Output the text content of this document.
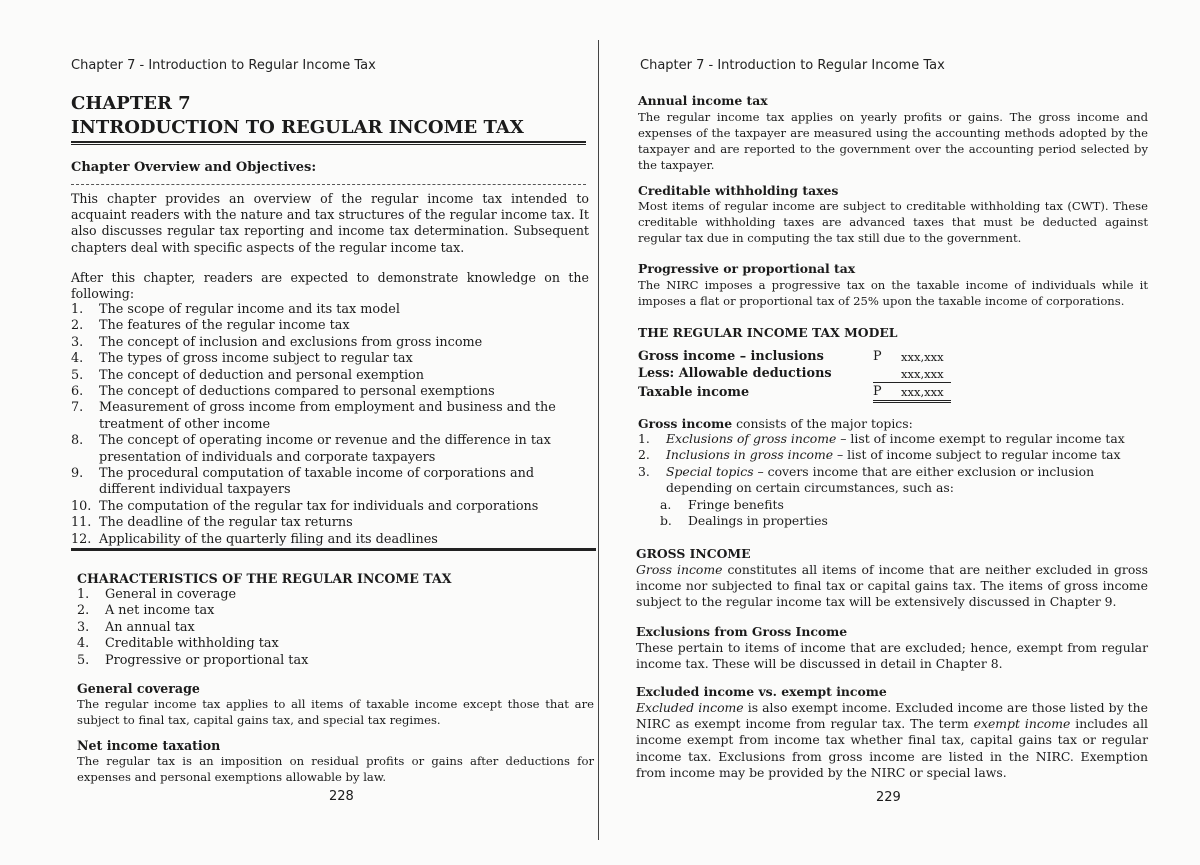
Chapter 7 - Introduction to Regular Income Tax
CHAPTER 7
INTRODUCTION TO REGULAR INCOME TAX
Chapter Overview and Objectives:
This chapter provides an overview of the regular income tax intended to acquaint readers with the nature and tax structures of the regular income tax. It also discusses regular tax reporting and income tax determination. Subsequent chapters deal with specific aspects of the regular income tax.
After this chapter, readers are expected to demonstrate knowledge on the following:
1.	The scope of regular income and its tax model
2.	The features of the regular income tax
3.	The concept of inclusion and exclusions from gross income
4.	The types of gross income subject to regular tax
5.	The concept of deduction and personal exemption
6.	The concept of deductions compared to personal exemptions
7.	Measurement of gross income from employment and business and the treatment of other income
8.	The concept of operating income or revenue and the difference in tax presentation of individuals and corporate taxpayers
9.	The procedural computation of taxable income of corporations and different individual taxpayers
10. The computation of the regular tax for individuals and corporations
11. The deadline of the regular tax returns
12. Applicability of the quarterly filing and its deadlines
CHARACTERISTICS OF THE REGULAR INCOME TAX
1.	General in coverage
2.	A net income tax
3.	An annual tax
4.	Creditable withholding tax
5.	Progressive or proportional tax
General coverage
The regular income tax applies to all items of taxable income except those that are subject to final tax, capital gains tax, and special tax regimes.
Net income taxation
The regular tax is an imposition on residual profits or gains after deductions for expenses and personal exemptions allowable by law.
228
Chapter 7 - Introduction to Regular Income Tax
Annual income tax
The regular income tax applies on yearly profits or gains. The gross income and expenses of the taxpayer are measured using the accounting methods adopted by the taxpayer and are reported to the government over the accounting period selected by the taxpayer.
Creditable withholding taxes
Most items of regular income are subject to creditable withholding tax (CWT). These creditable withholding taxes are advanced taxes that must be deducted against regular tax due in computing the tax still due to the government.
Progressive or proportional tax
The NIRC imposes a progressive tax on the taxable income of individuals while it imposes a flat or proportional tax of 25% upon the taxable income of corporations.
THE REGULAR INCOME TAX MODEL
Gross income – inclusions	P	xxx,xxx
Less: Allowable deductions		xxx,xxx
Taxable income	P	xxx,xxx
Gross income consists of the major topics:
1.	Exclusions of gross income – list of income exempt to regular income tax
2.	Inclusions in gross income – list of income subject to regular income tax
3.	Special topics – covers income that are either exclusion or inclusion depending on certain circumstances, such as:
a.	Fringe benefits
b.	Dealings in properties
GROSS INCOME
Gross income constitutes all items of income that are neither excluded in gross income nor subjected to final tax or capital gains tax. The items of gross income subject to the regular income tax will be extensively discussed in Chapter 9.
Exclusions from Gross Income
These pertain to items of income that are excluded; hence, exempt from regular income tax. These will be discussed in detail in Chapter 8.
Excluded income vs. exempt income
Excluded income is also exempt income. Excluded income are those listed by the NIRC as exempt income from regular tax. The term exempt income includes all income exempt from income tax whether final tax, capital gains tax or regular income tax. Exclusions from gross income are listed in the NIRC. Exemption from income may be provided by the NIRC or special laws.
229
